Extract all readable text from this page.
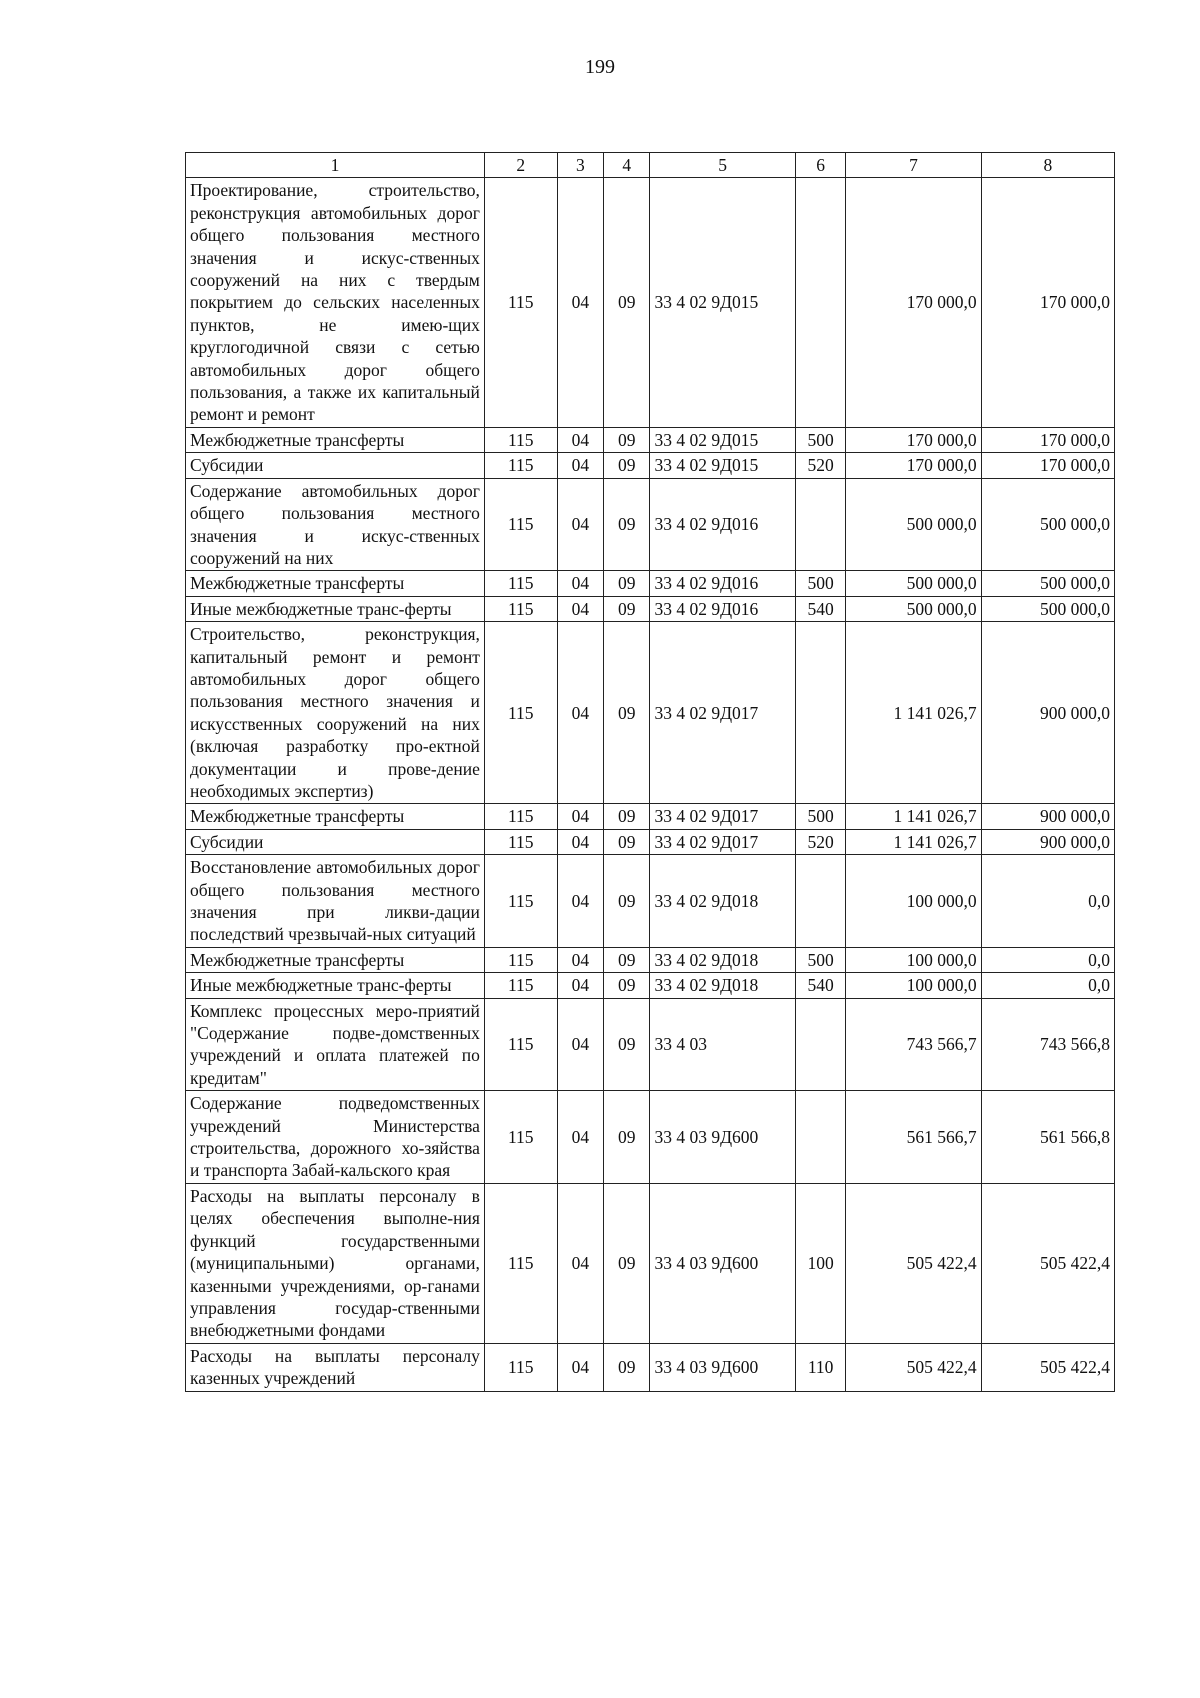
199
1	2	3	4	5	6	7	8
Проектирование, строительство, реконструкция автомобильных дорог общего пользования местного значения и искус-ственных сооружений на них с твердым покрытием до сельских населенных пунктов, не имею-щих круглогодичной связи с сетью автомобильных дорог общего пользования, а также их капитальный ремонт и ремонт	115	04	09	33 4 02 9Д015		170 000,0	170 000,0
Межбюджетные трансферты	115	04	09	33 4 02 9Д015	500	170 000,0	170 000,0
Субсидии	115	04	09	33 4 02 9Д015	520	170 000,0	170 000,0
Содержание автомобильных дорог общего пользования местного значения и искус-ственных сооружений на них	115	04	09	33 4 02 9Д016		500 000,0	500 000,0
Межбюджетные трансферты	115	04	09	33 4 02 9Д016	500	500 000,0	500 000,0
Иные межбюджетные транс-ферты	115	04	09	33 4 02 9Д016	540	500 000,0	500 000,0
Строительство, реконструкция, капитальный ремонт и ремонт автомобильных дорог общего пользования местного значения и искусственных сооружений на них (включая разработку про-ектной документации и прове-дение необходимых экспертиз)	115	04	09	33 4 02 9Д017		1 141 026,7	900 000,0
Межбюджетные трансферты	115	04	09	33 4 02 9Д017	500	1 141 026,7	900 000,0
Субсидии	115	04	09	33 4 02 9Д017	520	1 141 026,7	900 000,0
Восстановление автомобильных дорог общего пользования местного значения при ликви-дации последствий чрезвычай-ных ситуаций	115	04	09	33 4 02 9Д018		100 000,0	0,0
Межбюджетные трансферты	115	04	09	33 4 02 9Д018	500	100 000,0	0,0
Иные межбюджетные транс-ферты	115	04	09	33 4 02 9Д018	540	100 000,0	0,0
Комплекс процессных меро-приятий "Содержание подве-домственных учреждений и оплата платежей по кредитам"	115	04	09	33 4 03		743 566,7	743 566,8
Содержание подведомственных учреждений Министерства строительства, дорожного хо-зяйства и транспорта Забай-кальского края	115	04	09	33 4 03 9Д600		561 566,7	561 566,8
Расходы на выплаты персоналу в целях обеспечения выполне-ния функций государственными (муниципальными) органами, казенными учреждениями, ор-ганами управления государ-ственными внебюджетными фондами	115	04	09	33 4 03 9Д600	100	505 422,4	505 422,4
Расходы на выплаты персоналу казенных учреждений	115	04	09	33 4 03 9Д600	110	505 422,4	505 422,4
